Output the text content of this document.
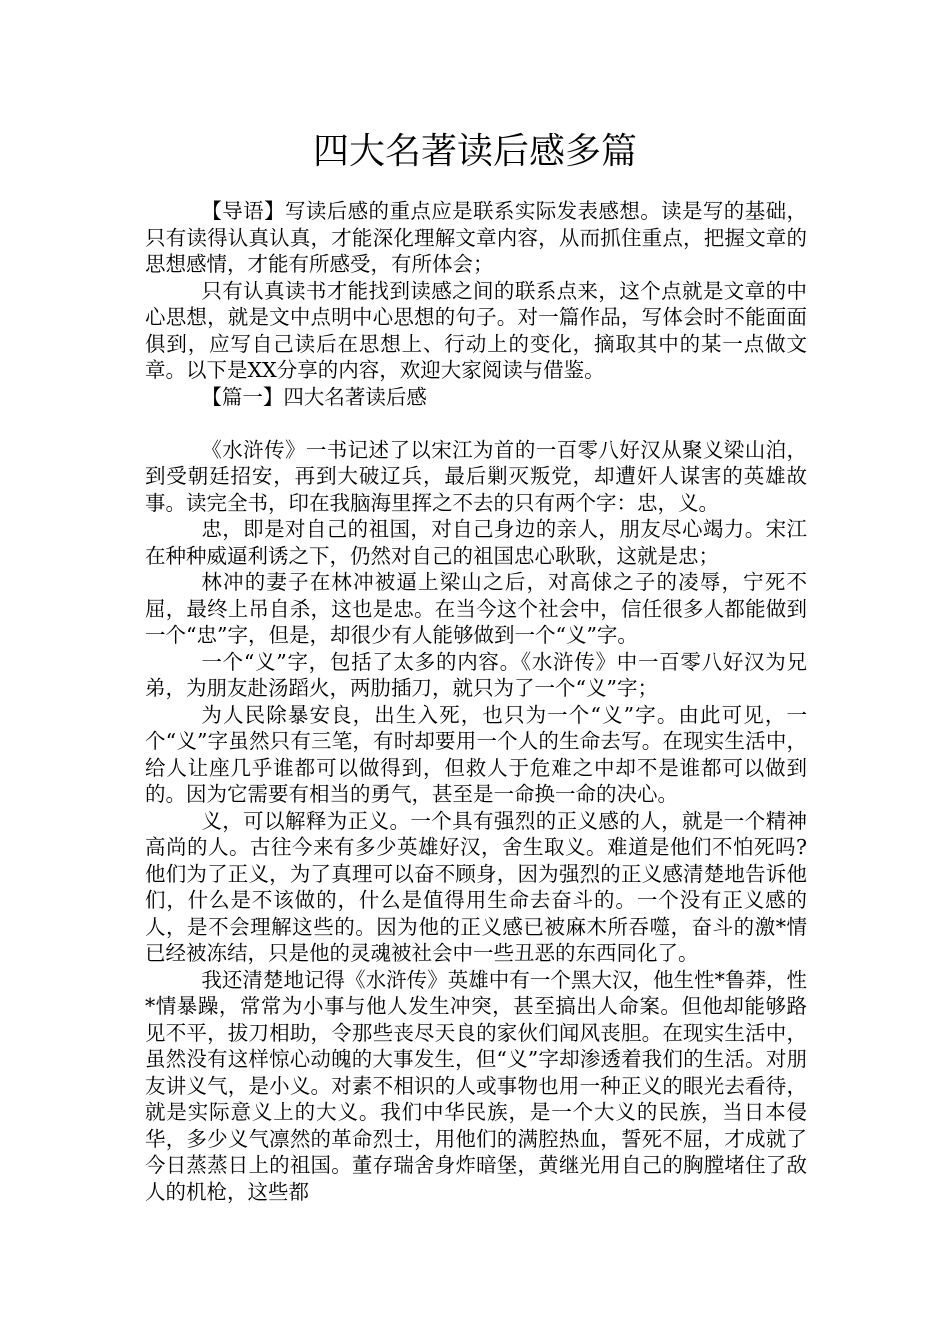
四大名著读后感多篇

【导语】写读后感的重点应是联系实际发表感想。读是写的基础，只有读得认真认真，才能深化理解文章内容，从而抓住重点，把握文章的思想感情，才能有所感受，有所体会；

只有认真读书才能找到读感之间的联系点来，这个点就是文章的中心思想，就是文中点明中心思想的句子。对一篇作品，写体会时不能面面俱到，应写自己读后在思想上、行动上的变化，摘取其中的某一点做文章。以下是XX分享的内容，欢迎大家阅读与借鉴。

【篇一】四大名著读后感

《水浒传》一书记述了以宋江为首的一百零八好汉从聚义梁山泊，到受朝廷招安，再到大破辽兵，最后剿灭叛党，却遭奸人谋害的英雄故事。读完全书，印在我脑海里挥之不去的只有两个字：忠，义。

忠，即是对自己的祖国，对自己身边的亲人，朋友尽心竭力。宋江在种种威逼利诱之下，仍然对自己的祖国忠心耿耿，这就是忠；

林冲的妻子在林冲被逼上梁山之后，对高俅之子的凌辱，宁死不屈，最终上吊自杀，这也是忠。在当今这个社会中，信任很多人都能做到一个“忠”字，但是，却很少有人能够做到一个“义”字。

一个“义”字，包括了太多的内容。《水浒传》中一百零八好汉为兄弟，为朋友赴汤蹈火，两肋插刀，就只为了一个“义”字；

为人民除暴安良，出生入死，也只为一个“义”字。由此可见，一个“义”字虽然只有三笔，有时却要用一个人的生命去写。在现实生活中，给人让座几乎谁都可以做得到，但救人于危难之中却不是谁都可以做到的。因为它需要有相当的勇气，甚至是一命换一命的决心。

义，可以解释为正义。一个具有强烈的正义感的人，就是一个精神高尚的人。古往今来有多少英雄好汉，舍生取义。难道是他们不怕死吗?他们为了正义，为了真理可以奋不顾身，因为强烈的正义感清楚地告诉他们，什么是不该做的，什么是值得用生命去奋斗的。一个没有正义感的人，是不会理解这些的。因为他的正义感已被麻木所吞噬，奋斗的激*情已经被冻结，只是他的灵魂被社会中一些丑恶的东西同化了。

我还清楚地记得《水浒传》英雄中有一个黑大汉，他生性*鲁莽，性*情暴躁，常常为小事与他人发生冲突，甚至搞出人命案。但他却能够路见不平，拔刀相助，令那些丧尽天良的家伙们闻风丧胆。在现实生活中，虽然没有这样惊心动魄的大事发生，但“义”字却渗透着我们的生活。对朋友讲义气，是小义。对素不相识的人或事物也用一种正义的眼光去看待，就是实际意义上的大义。我们中华民族，是一个大义的民族，当日本侵华，多少义气凛然的革命烈士，用他们的满腔热血，誓死不屈，才成就了今日蒸蒸日上的祖国。董存瑞舍身炸暗堡，黄继光用自己的胸膛堵住了敌人的机枪，这些都
